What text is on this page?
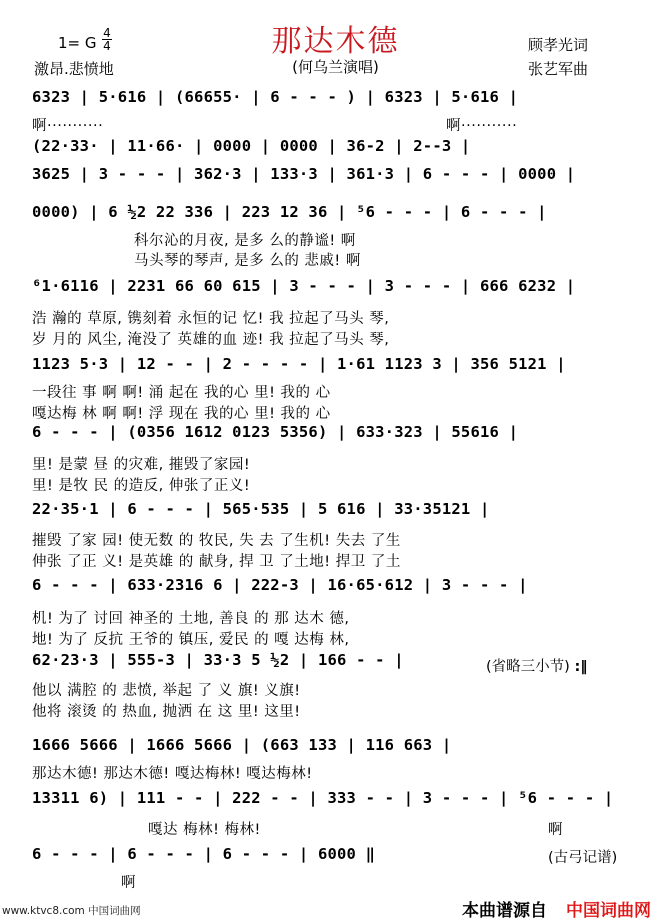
1= G
4
4
激昂.悲愤地
那达木德
(何乌兰演唱)
顾孝光词
张艺军曲
6323 | 5·616 | (66655· | 6 - - - ) | 6323 | 5·616 |
啊···········	啊···········
(22·33· | 11·66· | 0000 | 0000 | 36-2 | 2--3 |
3625 | 3 - - - | 362·3 | 133·3 | 361·3 | 6 - - - | 0000 |
0000) | 6 ½2 22 336 | 223 12 36 | ⁵6 - - - | 6 - - - |
科尔沁的月夜, 是多 么的静谧! 啊
马头琴的琴声, 是多 么的 悲戚! 啊
⁶1·6116 | 2231 66 60 615 | 3 - - - | 3 - - - | 666 6232 |
浩 瀚的 草原, 镌刻着 永恒的记 忆! 我 拉起了马头 琴,
岁 月的 风尘, 淹没了 英雄的血 迹! 我 拉起了马头 琴,
1123 5·3 | 12 - - | 2 - - - - | 1·61 1123 3 | 356 5121 |
一段往 事 啊 啊! 涌 起在 我的心 里! 我的 心
嘎达梅 林 啊 啊! 浮 现在 我的心 里! 我的 心
6 - - - | (0356 1612 0123 5356) | 633·323 | 55616 |
里! 是蒙 昼 的灾难, 摧毁了家园!
里! 是牧 民 的造反, 伸张了正义!
22·35·1 | 6 - - - | 565·535 | 5 616 | 33·35121 |
摧毁 了家 园! 使无数 的 牧民, 失 去 了生机! 失去 了生
伸张 了正 义! 是英雄 的 献身, 捍 卫 了土地! 捍卫 了土
6 - - - | 633·2316 6 | 222-3 | 16·65·612 | 3 - - - |
机! 为了 讨回 神圣的 土地, 善良 的 那 达木 德,
地! 为了 反抗 王爷的 镇压, 爱民 的 嘎 达梅 林,
62·23·3 | 555-3 | 33·3 5 ½2 | 166 - - |
他以 满腔 的 悲愤, 举起 了 义 旗! 义旗!
他将 滚烫 的 热血, 抛洒 在 这 里! 这里!
1666 5666 | 1666 5666 | (663 133 | 116 663 |
那达木德! 那达木德! 嘎达梅林! 嘎达梅林!
13311 6) | 111 - - | 222 - - | 333 - - | 3 - - - | ⁵6 - - - |
嘎达 梅林! 梅林!	啊
6 - - - | 6 - - - | 6 - - - | 6000 ‖
啊
(省略三小节) :‖
(古弓记谱)
www.ktvc8.com 中国词曲网	本曲谱源自 中国词曲网
